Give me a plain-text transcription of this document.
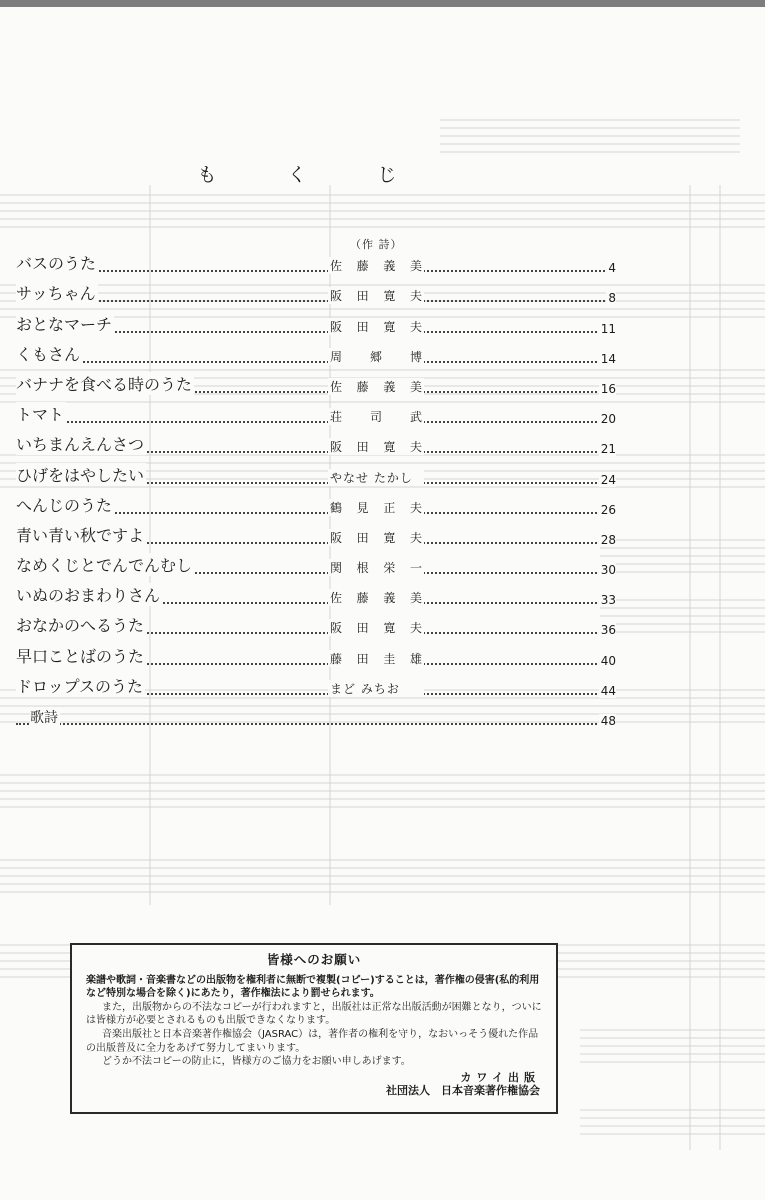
も　く　じ
（作 詩）
バスのうた	佐藤義美	4
サッちゃん	阪田寛夫	8
おとなマーチ	阪田寛夫	11
くもさん	周郷博	14
バナナを食べる時のうた	佐藤義美	16
トマト	荘司武	20
いちまんえんさつ	阪田寛夫	21
ひげをはやしたい	やなせ たかし	24
へんじのうた	鶴見正夫	26
青い青い秋ですよ	阪田寛夫	28
なめくじとでんでんむし	関根栄一	30
いぬのおまわりさん	佐藤義美	33
おなかのへるうた	阪田寛夫	36
早口ことばのうた	藤田圭雄	40
ドロップスのうた	まど みちお	44
歌詩	48
皆様へのお願い

楽譜や歌詞・音楽書などの出版物を権利者に無断で複製(コピー)することは，著作権の侵害(私的利用など特別な場合を除く)にあたり，著作権法により罰せられます。

また，出版物からの不法なコピーが行われますと，出版社は正常な出版活動が困難となり，ついには皆様方が必要とされるものも出版できなくなります。

音楽出版社と日本音楽著作権協会（JASRAC）は，著作者の権利を守り，なおいっそう優れた作品の出版普及に全力をあげて努力してまいります。

どうか不法コピーの防止に，皆様方のご協力をお願い申しあげます。

カワイ出版
社団法人　日本音楽著作権協会
